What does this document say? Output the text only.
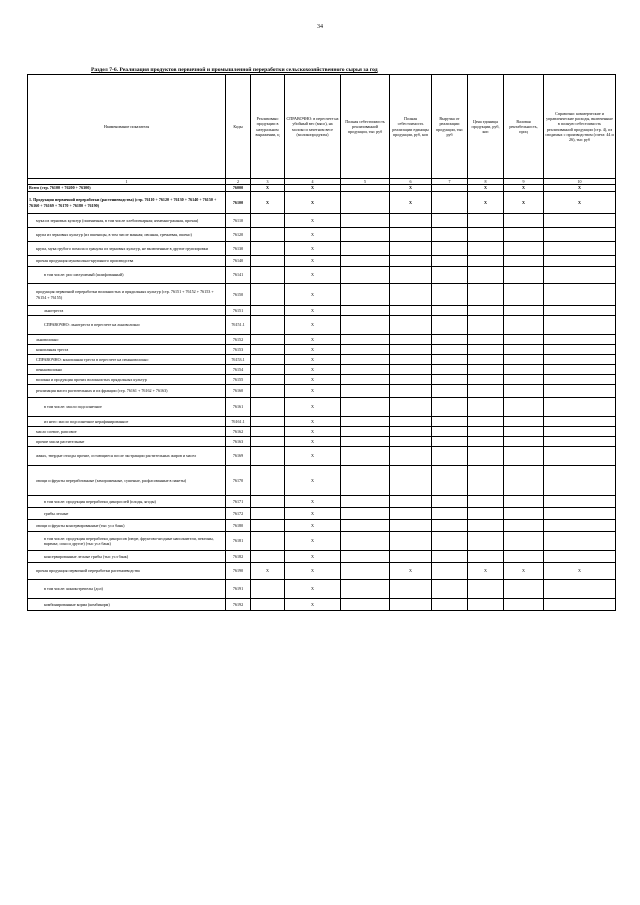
34
Раздел 7-6. Реализация продуктов первичной и промышленной переработки сельскохозяйственного сырья за год
Наименование показателя	Коды	Реализовано продукции в натуральном выражении, ц	СПРАВОЧНО: в пересчете на убойный вес (мясо), на молоко и зачетном весе (молокопродукты)	Полная себестоимость реализованной продукции, тыс руб	Полная себестоимость реализации единицы продукции, руб, коп	Выручка от реализации продукции, тыс руб	Цена единицы продукции, руб, коп	Валовая рентабельность, проц	Справочно: коммерческие и управленческие расходы, включенные в полную себестоимость реализованной продукции (стр. 4), из сводимых с производством (счета: 44 и 26), тыс руб
1	2	3	4	5	6	7	8	9	10
Всего (стр. 76100 + 76200 + 76300)	76000	X	X		X		X	X	X
1. Продукция первичной переработки (растениеводства) (стр. 76110 + 76120 + 76130 + 76140 + 76150 + 76160 + 76169 + 76170 + 76180 + 76190)	76100	X	X		X		X	X	X
мука из зерновых культур (пшеничная, в том числе хлебопекарная; ячменно-ржаная, прочая)	76110		X						
крупа из зерновых культур (из пшеницы, в том числе манная; овсяная, гречневая, пшено)	76120		X						
крупа, мука грубого помола и гранулы из зерновых культур, не включенные в другие группировки	76130		X						
прочая продукция мукомольно-крупяного производства	76140		X						
в том числе: рис шелушеный (шлифованный)	76141		X						
продукция первичной переработки волокнистых и прядильных культур (стр. 76151 + 76152 + 76153 + 76154 + 76155)	76150		X						
льнотреста	76151		X						
СПРАВОЧНО: льнотреста в пересчете на льноволокно	76151.1		X						
льноволокно	76152		X						
конопляная треста	76153		X						
СПРАВОЧНО: конопляная треста в пересчете на пеньковолокно	76153.1		X						
пеньковолокно	76154		X						
волокна и продукция прочих волокнистых прядильных культур	76155		X						
реализация масел растительных и их фракции (стр. 76161 + 76162 + 76163)	76160		X						
в том числе: масло подсолнечное	76161		X						
из него: масло подсолнечное нерафинированное	76161.1		X						
масло соевое, рапсовое	76162		X						
прочие масла растительные	76163		X						
жмых, твердые отходы прочие, остающиеся после экстракции растительных жиров и масел	76169		X						
овощи и фрукты переработанные (замороженные, сушеные, расфасованные в пакеты)	76170		X						
в том числе: продукция переработки дикорослей (плоды, ягоды)	76171		X						
грибы лесные	76172		X						
овощи и фрукты консервированные (тыс усл банк)	76180		X						
в том числе: продукция переработки дикоросов (пюре, фруктово-ягодные наполнители, пектины, варенье, соки и другое) (тыс усл банк)	76181		X						
консервированные лесные грибы (тыс усл банк)	76182		X						
прочая продукция первичной переработки растениеводства	76190	X	X		X		X	X	X
в том числе: кинокстрепелы (дол)	76191		X						
комбинированные корма (комбикорм)	76192		X						
